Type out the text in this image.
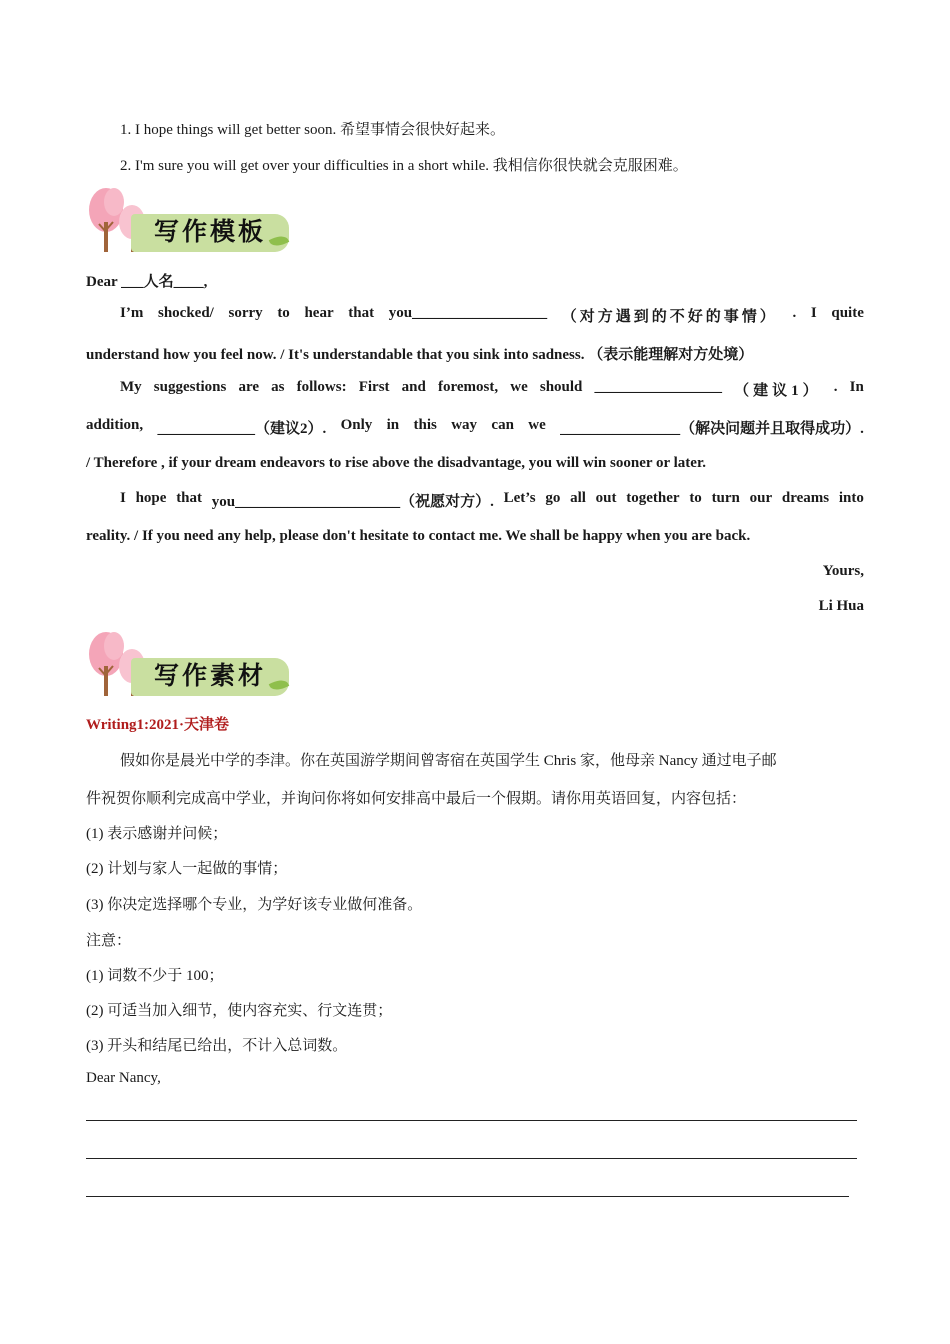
1. I hope things will get better soon. 希望事情会很快好起来。
2. I'm sure you will get over your difficulties in a short while. 我相信你很快就会克服困难。
写作模板
Dear ___人名____,
I’m shocked/ sorry to hear that you__________________ （对方遇到的不好的事情） . I quite
understand how you feel now. / It's understandable that you sink into sadness. （表示能理解对方处境）
My suggestions are as follows: First and foremost, we should _________________ （建议1） . In
addition, _____________（建议2）. Only in this way can we ________________（解决问题并且取得成功）.
/ Therefore , if your dream endeavors to rise above the disadvantage, you will win sooner or later.
I hope that you______________________（祝愿对方）. Let’s go all out together to turn our dreams into
reality. / If you need any help, please don't hesitate to contact me. We shall be happy when you are back.
Yours,
Li Hua
写作素材
Writing1:2021·天津卷
假如你是晨光中学的李津。你在英国游学期间曾寄宿在英国学生 Chris 家，他母亲 Nancy 通过电子邮
件祝贺你顺利完成高中学业，并询问你将如何安排高中最后一个假期。请你用英语回复，内容包括：
(1) 表示感谢并问候；
(2) 计划与家人一起做的事情；
(3) 你决定选择哪个专业，为学好该专业做何准备。
注意：
(1) 词数不少于 100；
(2) 可适当加入细节，使内容充实、行文连贯；
(3) 开头和结尾已给出，不计入总词数。
Dear Nancy,
